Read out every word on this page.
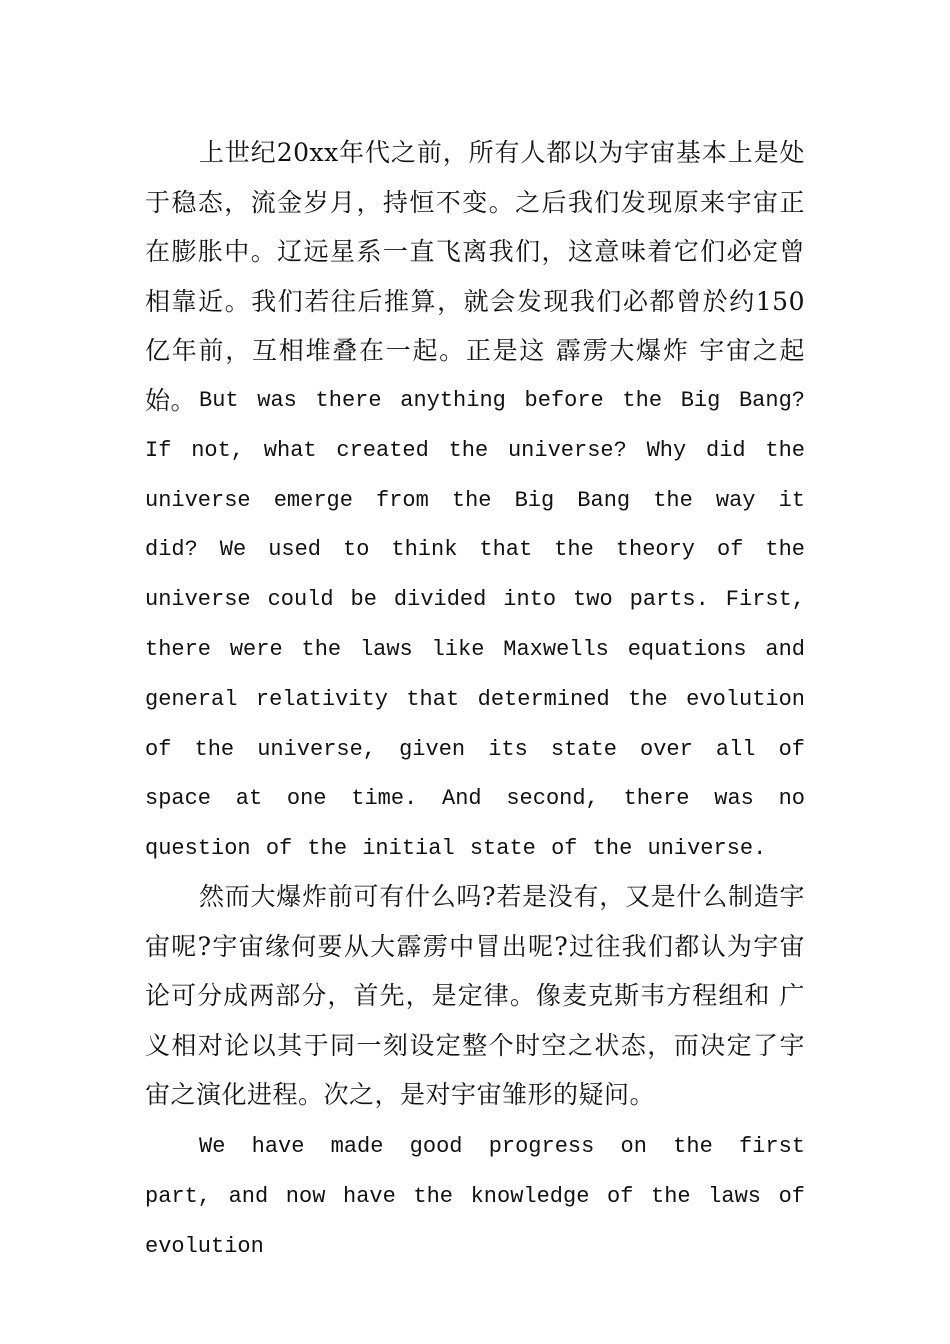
上世纪20xx年代之前，所有人都以为宇宙基本上是处于稳态，流金岁月，持恒不变。之后我们发现原来宇宙正在膨胀中。辽远星系一直飞离我们，这意味着它们必定曾相靠近。我们若往后推算，就会发现我们必都曾於约150亿年前，互相堆叠在一起。正是这 霹雳大爆炸 宇宙之起始。 But was there anything before the Big Bang? If not, what created the universe? Why did the universe emerge from the Big Bang the way it did? We used to think that the theory of the universe could be divided into two parts. First, there were the laws like Maxwells equations and general relativity that determined the evolution of the universe, given its state over all of space at one time. And second, there was no question of the initial state of the universe.

然而大爆炸前可有什么吗?若是没有，又是什么制造宇宙呢?宇宙缘何要从大霹雳中冒出呢?过往我们都认为宇宙论可分成两部分，首先，是定律。像麦克斯韦方程组和 广义相对论以其于同一刻设定整个时空之状态，而决定了宇宙之演化进程。次之，是对宇宙雏形的疑问。

We have made good progress on the first part, and now have the knowledge of the laws of evolution
